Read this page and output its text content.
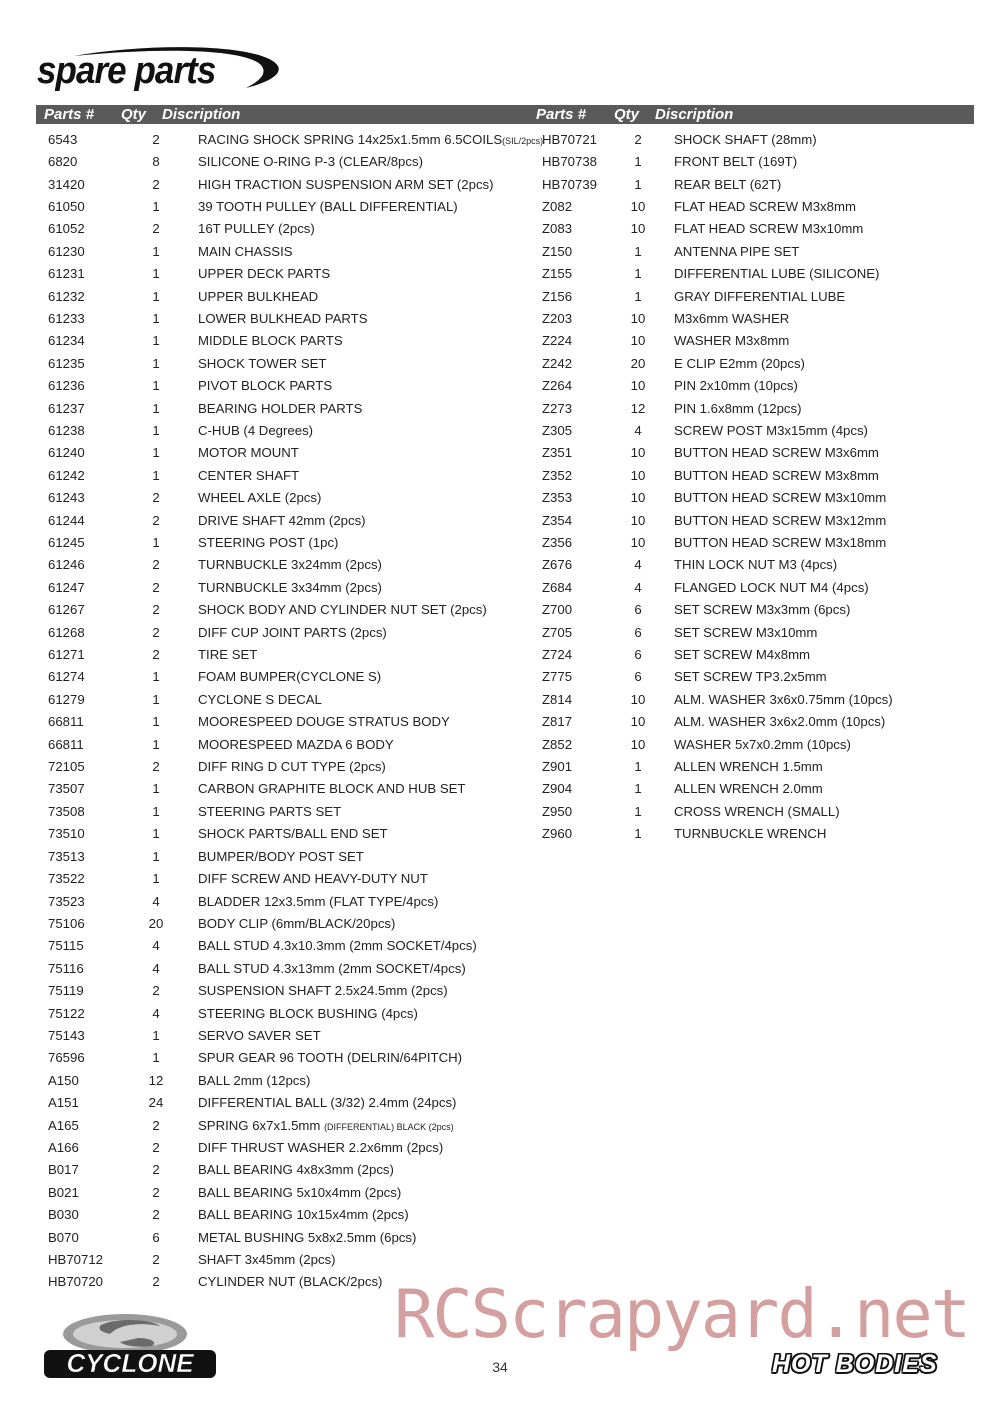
spare parts
Parts # Qty Discription	Parts # Qty Discription
6543	2	RACING SHOCK SPRING 14x25x1.5mm 6.5COILS(SIL/2pcs)
6820	8	SILICONE O-RING P-3 (CLEAR/8pcs)
31420	2	HIGH TRACTION SUSPENSION ARM SET (2pcs)
61050	1	39 TOOTH PULLEY (BALL DIFFERENTIAL)
61052	2	16T PULLEY (2pcs)
61230	1	MAIN CHASSIS
61231	1	UPPER DECK PARTS
61232	1	UPPER BULKHEAD
61233	1	LOWER BULKHEAD PARTS
61234	1	MIDDLE BLOCK PARTS
61235	1	SHOCK TOWER SET
61236	1	PIVOT BLOCK PARTS
61237	1	BEARING HOLDER PARTS
61238	1	C-HUB (4 Degrees)
61240	1	MOTOR MOUNT
61242	1	CENTER SHAFT
61243	2	WHEEL AXLE (2pcs)
61244	2	DRIVE SHAFT 42mm (2pcs)
61245	1	STEERING POST (1pc)
61246	2	TURNBUCKLE 3x24mm (2pcs)
61247	2	TURNBUCKLE 3x34mm (2pcs)
61267	2	SHOCK BODY AND CYLINDER NUT SET (2pcs)
61268	2	DIFF CUP JOINT PARTS (2pcs)
61271	2	TIRE SET
61274	1	FOAM BUMPER(CYCLONE S)
61279	1	CYCLONE S DECAL
66811	1	MOORESPEED DOUGE STRATUS BODY
66811	1	MOORESPEED MAZDA 6 BODY
72105	2	DIFF RING D CUT TYPE (2pcs)
73507	1	CARBON GRAPHITE BLOCK AND HUB SET
73508	1	STEERING PARTS SET
73510	1	SHOCK PARTS/BALL END SET
73513	1	BUMPER/BODY POST SET
73522	1	DIFF SCREW AND HEAVY-DUTY NUT
73523	4	BLADDER 12x3.5mm (FLAT TYPE/4pcs)
75106	20	BODY CLIP (6mm/BLACK/20pcs)
75115	4	BALL STUD 4.3x10.3mm (2mm SOCKET/4pcs)
75116	4	BALL STUD 4.3x13mm (2mm SOCKET/4pcs)
75119	2	SUSPENSION SHAFT 2.5x24.5mm (2pcs)
75122	4	STEERING BLOCK BUSHING (4pcs)
75143	1	SERVO SAVER SET
76596	1	SPUR GEAR 96 TOOTH (DELRIN/64PITCH)
A150	12	BALL 2mm (12pcs)
A151	24	DIFFERENTIAL BALL (3/32) 2.4mm (24pcs)
A165	2	SPRING 6x7x1.5mm (DIFFERENTIAL) BLACK (2pcs)
A166	2	DIFF THRUST WASHER 2.2x6mm (2pcs)
B017	2	BALL BEARING 4x8x3mm (2pcs)
B021	2	BALL BEARING 5x10x4mm (2pcs)
B030	2	BALL BEARING 10x15x4mm (2pcs)
B070	6	METAL BUSHING 5x8x2.5mm (6pcs)
HB70712	2	SHAFT 3x45mm (2pcs)
HB70720	2	CYLINDER NUT (BLACK/2pcs)
HB70721	2	SHOCK SHAFT (28mm)
HB70738	1	FRONT BELT (169T)
HB70739	1	REAR BELT (62T)
Z082	10	FLAT HEAD SCREW M3x8mm
Z083	10	FLAT HEAD SCREW M3x10mm
Z150	1	ANTENNA PIPE SET
Z155	1	DIFFERENTIAL LUBE (SILICONE)
Z156	1	GRAY DIFFERENTIAL LUBE
Z203	10	M3x6mm WASHER
Z224	10	WASHER M3x8mm
Z242	20	E CLIP E2mm (20pcs)
Z264	10	PIN 2x10mm (10pcs)
Z273	12	PIN 1.6x8mm (12pcs)
Z305	4	SCREW POST M3x15mm (4pcs)
Z351	10	BUTTON HEAD SCREW M3x6mm
Z352	10	BUTTON HEAD SCREW M3x8mm
Z353	10	BUTTON HEAD SCREW M3x10mm
Z354	10	BUTTON HEAD SCREW M3x12mm
Z356	10	BUTTON HEAD SCREW M3x18mm
Z676	4	THIN LOCK NUT M3 (4pcs)
Z684	4	FLANGED LOCK NUT M4 (4pcs)
Z700	6	SET SCREW M3x3mm (6pcs)
Z705	6	SET SCREW M3x10mm
Z724	6	SET SCREW M4x8mm
Z775	6	SET SCREW TP3.2x5mm
Z814	10	ALM. WASHER 3x6x0.75mm (10pcs)
Z817	10	ALM. WASHER 3x6x2.0mm (10pcs)
Z852	10	WASHER 5x7x0.2mm (10pcs)
Z901	1	ALLEN WRENCH 1.5mm
Z904	1	ALLEN WRENCH 2.0mm
Z950	1	CROSS WRENCH (SMALL)
Z960	1	TURNBUCKLE WRENCH
RCScrapyard.net
CYCLONE	34	HOT BODIES
